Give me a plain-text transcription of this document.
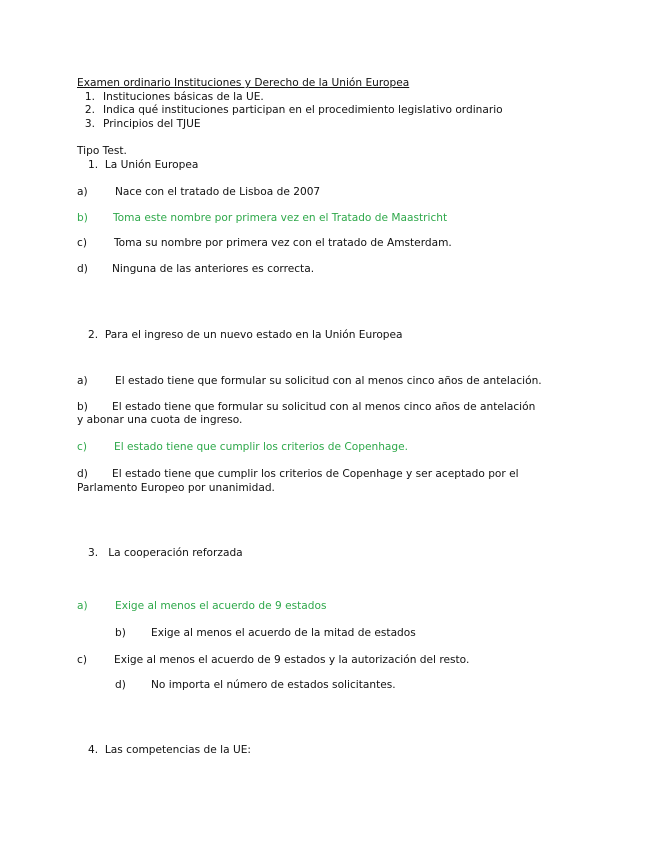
Examen ordinario Instituciones y Derecho de la Unión Europea
1. Instituciones básicas de la UE.
2. Indica qué instituciones participan en el procedimiento legislativo ordinario
3. Principios del TJUE
Tipo Test.
1. La Unión Europea
a)	Nace con el tratado de Lisboa de 2007
b) Toma este nombre por primera vez en el Tratado de Maastricht
c)	Toma su nombre por primera vez con el tratado de Amsterdam.
d) Ninguna de las anteriores es correcta.
2. Para el ingreso de un nuevo estado en la Unión Europea
a)	El estado tiene que formular su solicitud con al menos cinco años de antelación.
b) El estado tiene que formular su solicitud con al menos cinco años de antelación
y abonar una cuota de ingreso.
c)	El estado tiene que cumplir los criterios de Copenhage.
d) El estado tiene que cumplir los criterios de Copenhage y ser aceptado por el
Parlamento Europeo por unanimidad.
3. La cooperación reforzada
a)	Exige al menos el acuerdo de 9 estados
b) Exige al menos el acuerdo de la mitad de estados
c)	Exige al menos el acuerdo de 9 estados y la autorización del resto.
d) No importa el número de estados solicitantes.
4. Las competencias de la UE:
